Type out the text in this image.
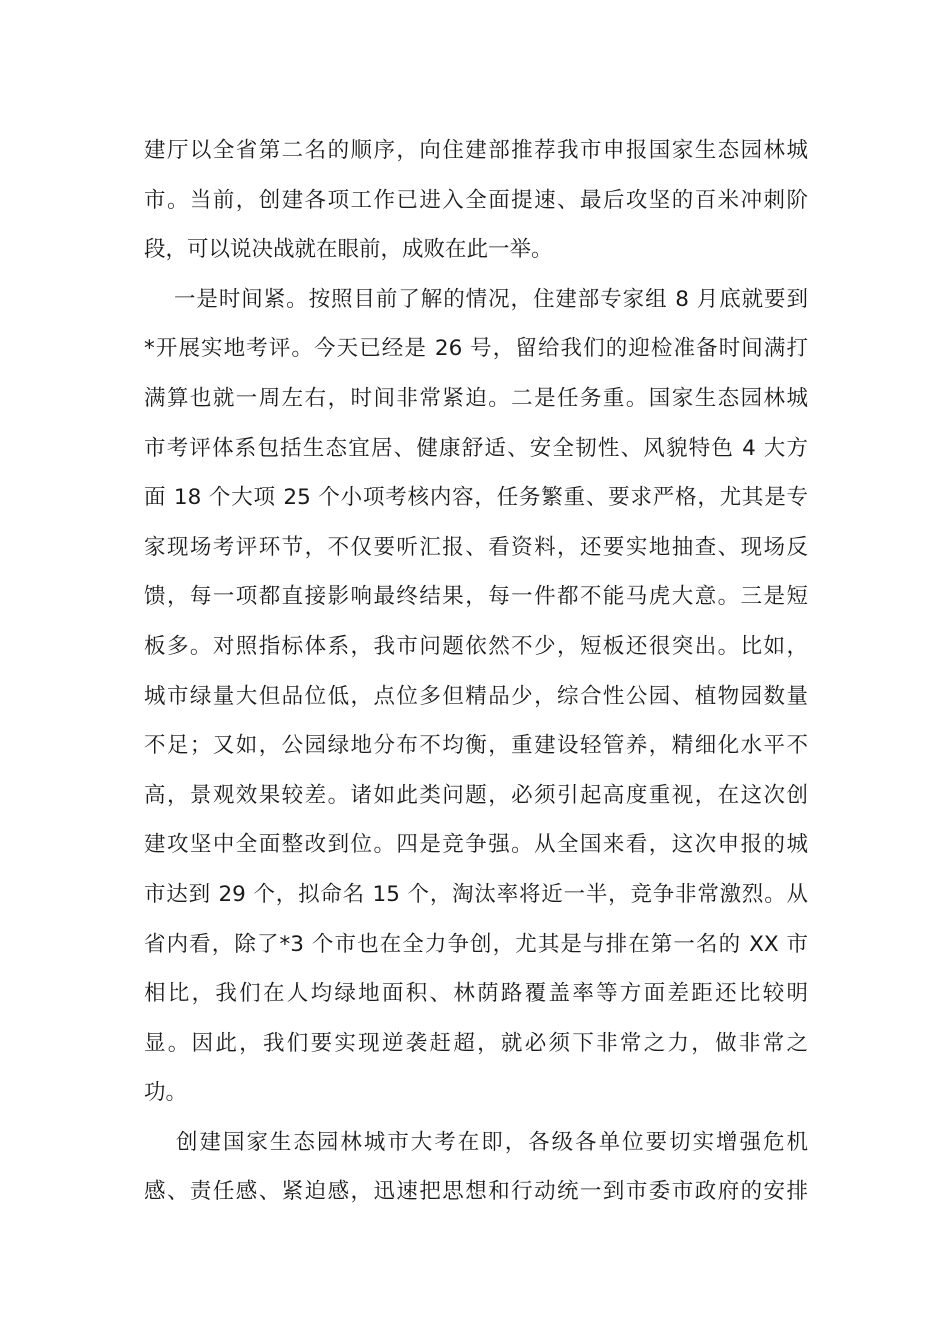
建厅以全省第二名的顺序，向住建部推荐我市申报国家生态园林城
市。当前，创建各项工作已进入全面提速、最后攻坚的百米冲刺阶
段，可以说决战就在眼前，成败在此一举。
一是时间紧。按照目前了解的情况，住建部专家组 8 月底就要到
*开展实地考评。今天已经是 26 号，留给我们的迎检准备时间满打
满算也就一周左右，时间非常紧迫。二是任务重。国家生态园林城
市考评体系包括生态宜居、健康舒适、安全韧性、风貌特色 4 大方
面 18 个大项 25 个小项考核内容，任务繁重、要求严格，尤其是专
家现场考评环节，不仅要听汇报、看资料，还要实地抽查、现场反
馈，每一项都直接影响最终结果，每一件都不能马虎大意。三是短
板多。对照指标体系，我市问题依然不少，短板还很突出。比如，
城市绿量大但品位低，点位多但精品少，综合性公园、植物园数量
不足；又如，公园绿地分布不均衡，重建设轻管养，精细化水平不
高，景观效果较差。诸如此类问题，必须引起高度重视，在这次创
建攻坚中全面整改到位。四是竞争强。从全国来看，这次申报的城
市达到 29 个，拟命名 15 个，淘汰率将近一半，竞争非常激烈。从
省内看，除了*3 个市也在全力争创，尤其是与排在第一名的 XX 市
相比，我们在人均绿地面积、林荫路覆盖率等方面差距还比较明
显。因此，我们要实现逆袭赶超，就必须下非常之力，做非常之
功。
创建国家生态园林城市大考在即，各级各单位要切实增强危机
感、责任感、紧迫感，迅速把思想和行动统一到市委市政府的安排
